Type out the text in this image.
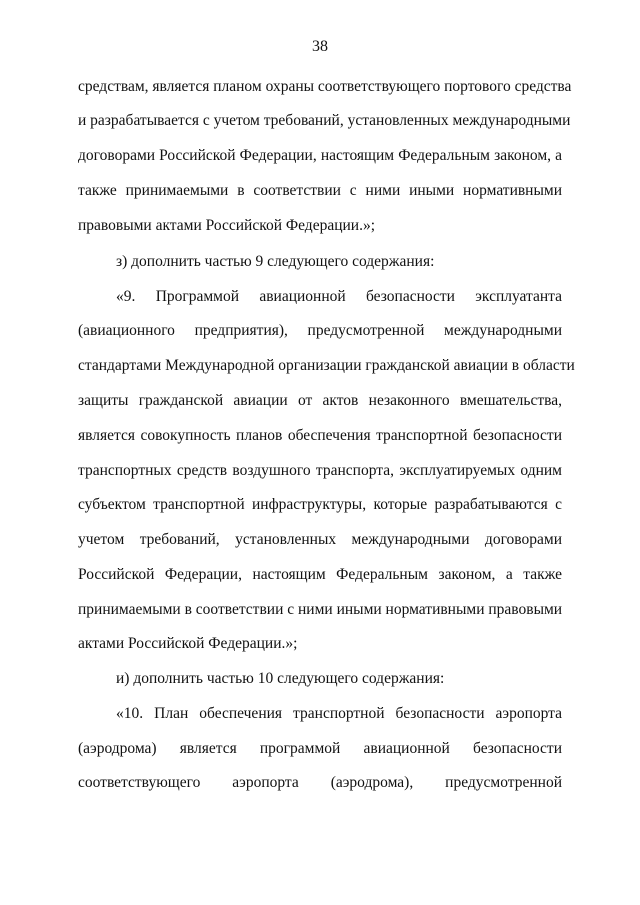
38
средствам, является планом охраны соответствующего портового средства
и разрабатывается с учетом требований, установленных международными
договорами Российской Федерации, настоящим Федеральным законом, а
также принимаемыми в соответствии с ними иными нормативными
правовыми актами Российской Федерации.»;
з) дополнить частью 9 следующего содержания:
«9. Программой авиационной безопасности эксплуатанта
(авиационного предприятия), предусмотренной международными
стандартами Международной организации гражданской авиации в области
защиты гражданской авиации от актов незаконного вмешательства,
является совокупность планов обеспечения транспортной безопасности
транспортных средств воздушного транспорта, эксплуатируемых одним
субъектом транспортной инфраструктуры, которые разрабатываются с
учетом требований, установленных международными договорами
Российской Федерации, настоящим Федеральным законом, а также
принимаемыми в соответствии с ними иными нормативными правовыми
актами Российской Федерации.»;
и) дополнить частью 10 следующего содержания:
«10. План обеспечения транспортной безопасности аэропорта
(аэродрома) является программой авиационной безопасности
соответствующего аэропорта (аэродрома), предусмотренной
